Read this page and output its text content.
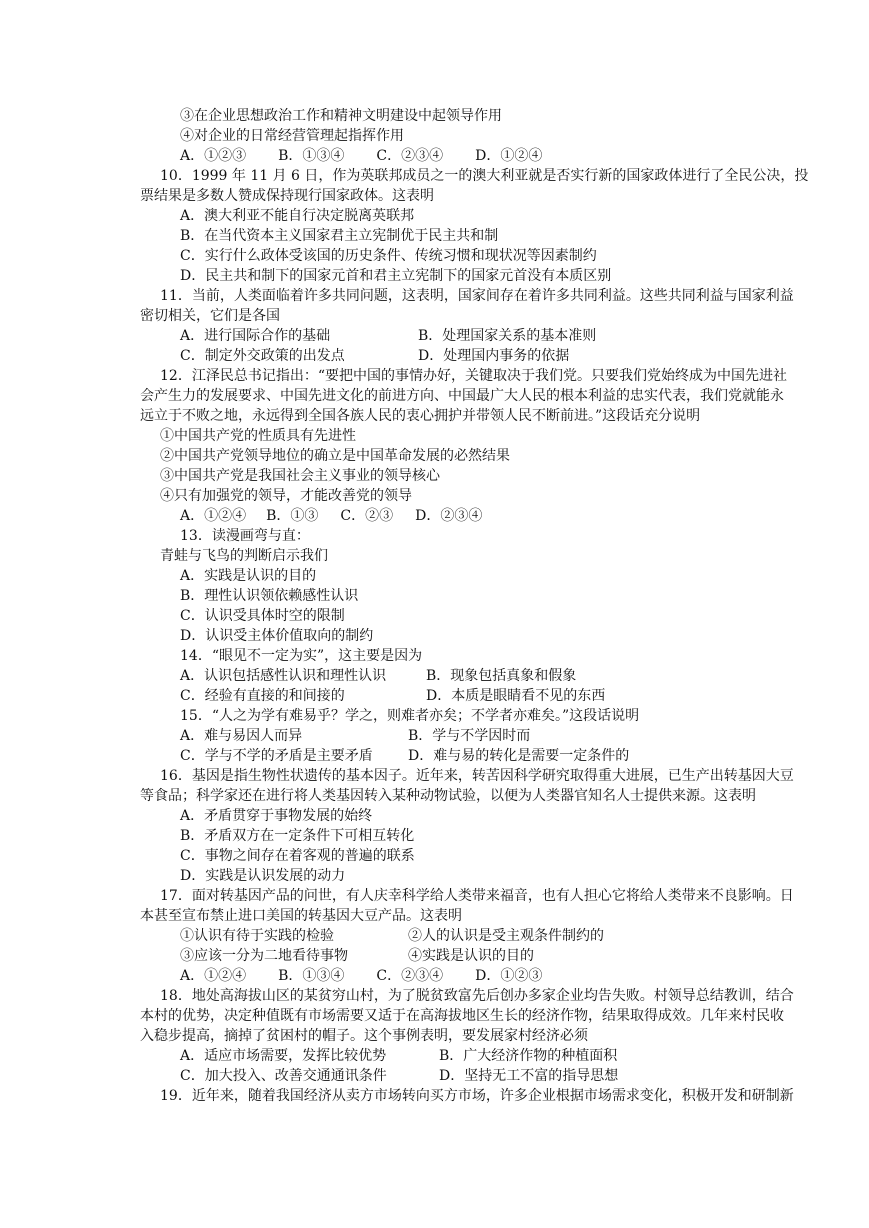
③在企业思想政治工作和精神文明建设中起领导作用
④对企业的日常经营管理起指挥作用
A．①②③ B．①③④ C．②③④ D．①②④
10．1999 年 11 月 6 日，作为英联邦成员之一的澳大利亚就是否实行新的国家政体进行了全民公决，投
票结果是多数人赞成保持现行国家政体。这表明
A．澳大利亚不能自行决定脱离英联邦
B．在当代资本主义国家君主立宪制优于民主共和制
C．实行什么政体受该国的历史条件、传统习惯和现状况等因素制约
D．民主共和制下的国家元首和君主立宪制下的国家元首没有本质区别
11．当前，人类面临着许多共同问题，这表明，国家间存在着许多共同利益。这些共同利益与国家利益
密切相关，它们是各国
A．进行国际合作的基础	B．处理国家关系的基本准则
C．制定外交政策的出发点	D．处理国内事务的依据
12．江泽民总书记指出：“要把中国的事情办好，关键取决于我们党。只要我们党始终成为中国先进社
会产生力的发展要求、中国先进文化的前进方向、中国最广大人民的根本利益的忠实代表，我们党就能永
远立于不败之地，永远得到全国各族人民的衷心拥护并带领人民不断前进。”这段话充分说明
①中国共产党的性质具有先进性
②中国共产党领导地位的确立是中国革命发展的必然结果
③中国共产党是我国社会主义事业的领导核心
④只有加强党的领导，才能改善党的领导
A．①②④ B．①③ C．②③ D．②③④
13．读漫画弯与直：
青蛙与飞鸟的判断启示我们
A．实践是认识的目的
B．理性认识领依赖感性认识
C．认识受具体时空的限制
D．认识受主体价值取向的制约
14．“眼见不一定为实”，这主要是因为
A．认识包括感性认识和理性认识	B．现象包括真象和假象
C．经验有直接的和间接的	D．本质是眼睛看不见的东西
15．“人之为学有难易乎？学之，则难者亦矣；不学者亦难矣。”这段话说明
A．难与易因人而异	B．学与不学因时而
C．学与不学的矛盾是主要矛盾	D．难与易的转化是需要一定条件的
16．基因是指生物性状遗传的基本因子。近年来，转苦因科学研究取得重大进展，已生产出转基因大豆
等食品；科学家还在进行将人类基因转入某种动物试验，以便为人类器官知名人士提供来源。这表明
A．矛盾贯穿于事物发展的始终
B．矛盾双方在一定条件下可相互转化
C．事物之间存在着客观的普遍的联系
D．实践是认识发展的动力
17．面对转基因产品的问世，有人庆幸科学给人类带来福音，也有人担心它将给人类带来不良影响。日
本甚至宣布禁止进口美国的转基因大豆产品。这表明
①认识有待于实践的检验	②人的认识是受主观条件制约的
③应该一分为二地看待事物	④实践是认识的目的
A．①②④ B．①③④ C．②③④ D．①②③
18．地处高海拔山区的某贫穷山村，为了脱贫致富先后创办多家企业均告失败。村领导总结教训，结合
本村的优势，决定种值既有市场需要又适于在高海拔地区生长的经济作物，结果取得成效。几年来村民收
入稳步提高，摘掉了贫困村的帽子。这个事例表明，要发展家村经济必须
A．适应市场需要，发挥比较优势	B．广大经济作物的种植面积
C．加大投入、改善交通通讯条件	D．坚持无工不富的指导思想
19．近年来，随着我国经济从卖方市场转向买方市场，许多企业根据市场需求变化，积极开发和研制新
